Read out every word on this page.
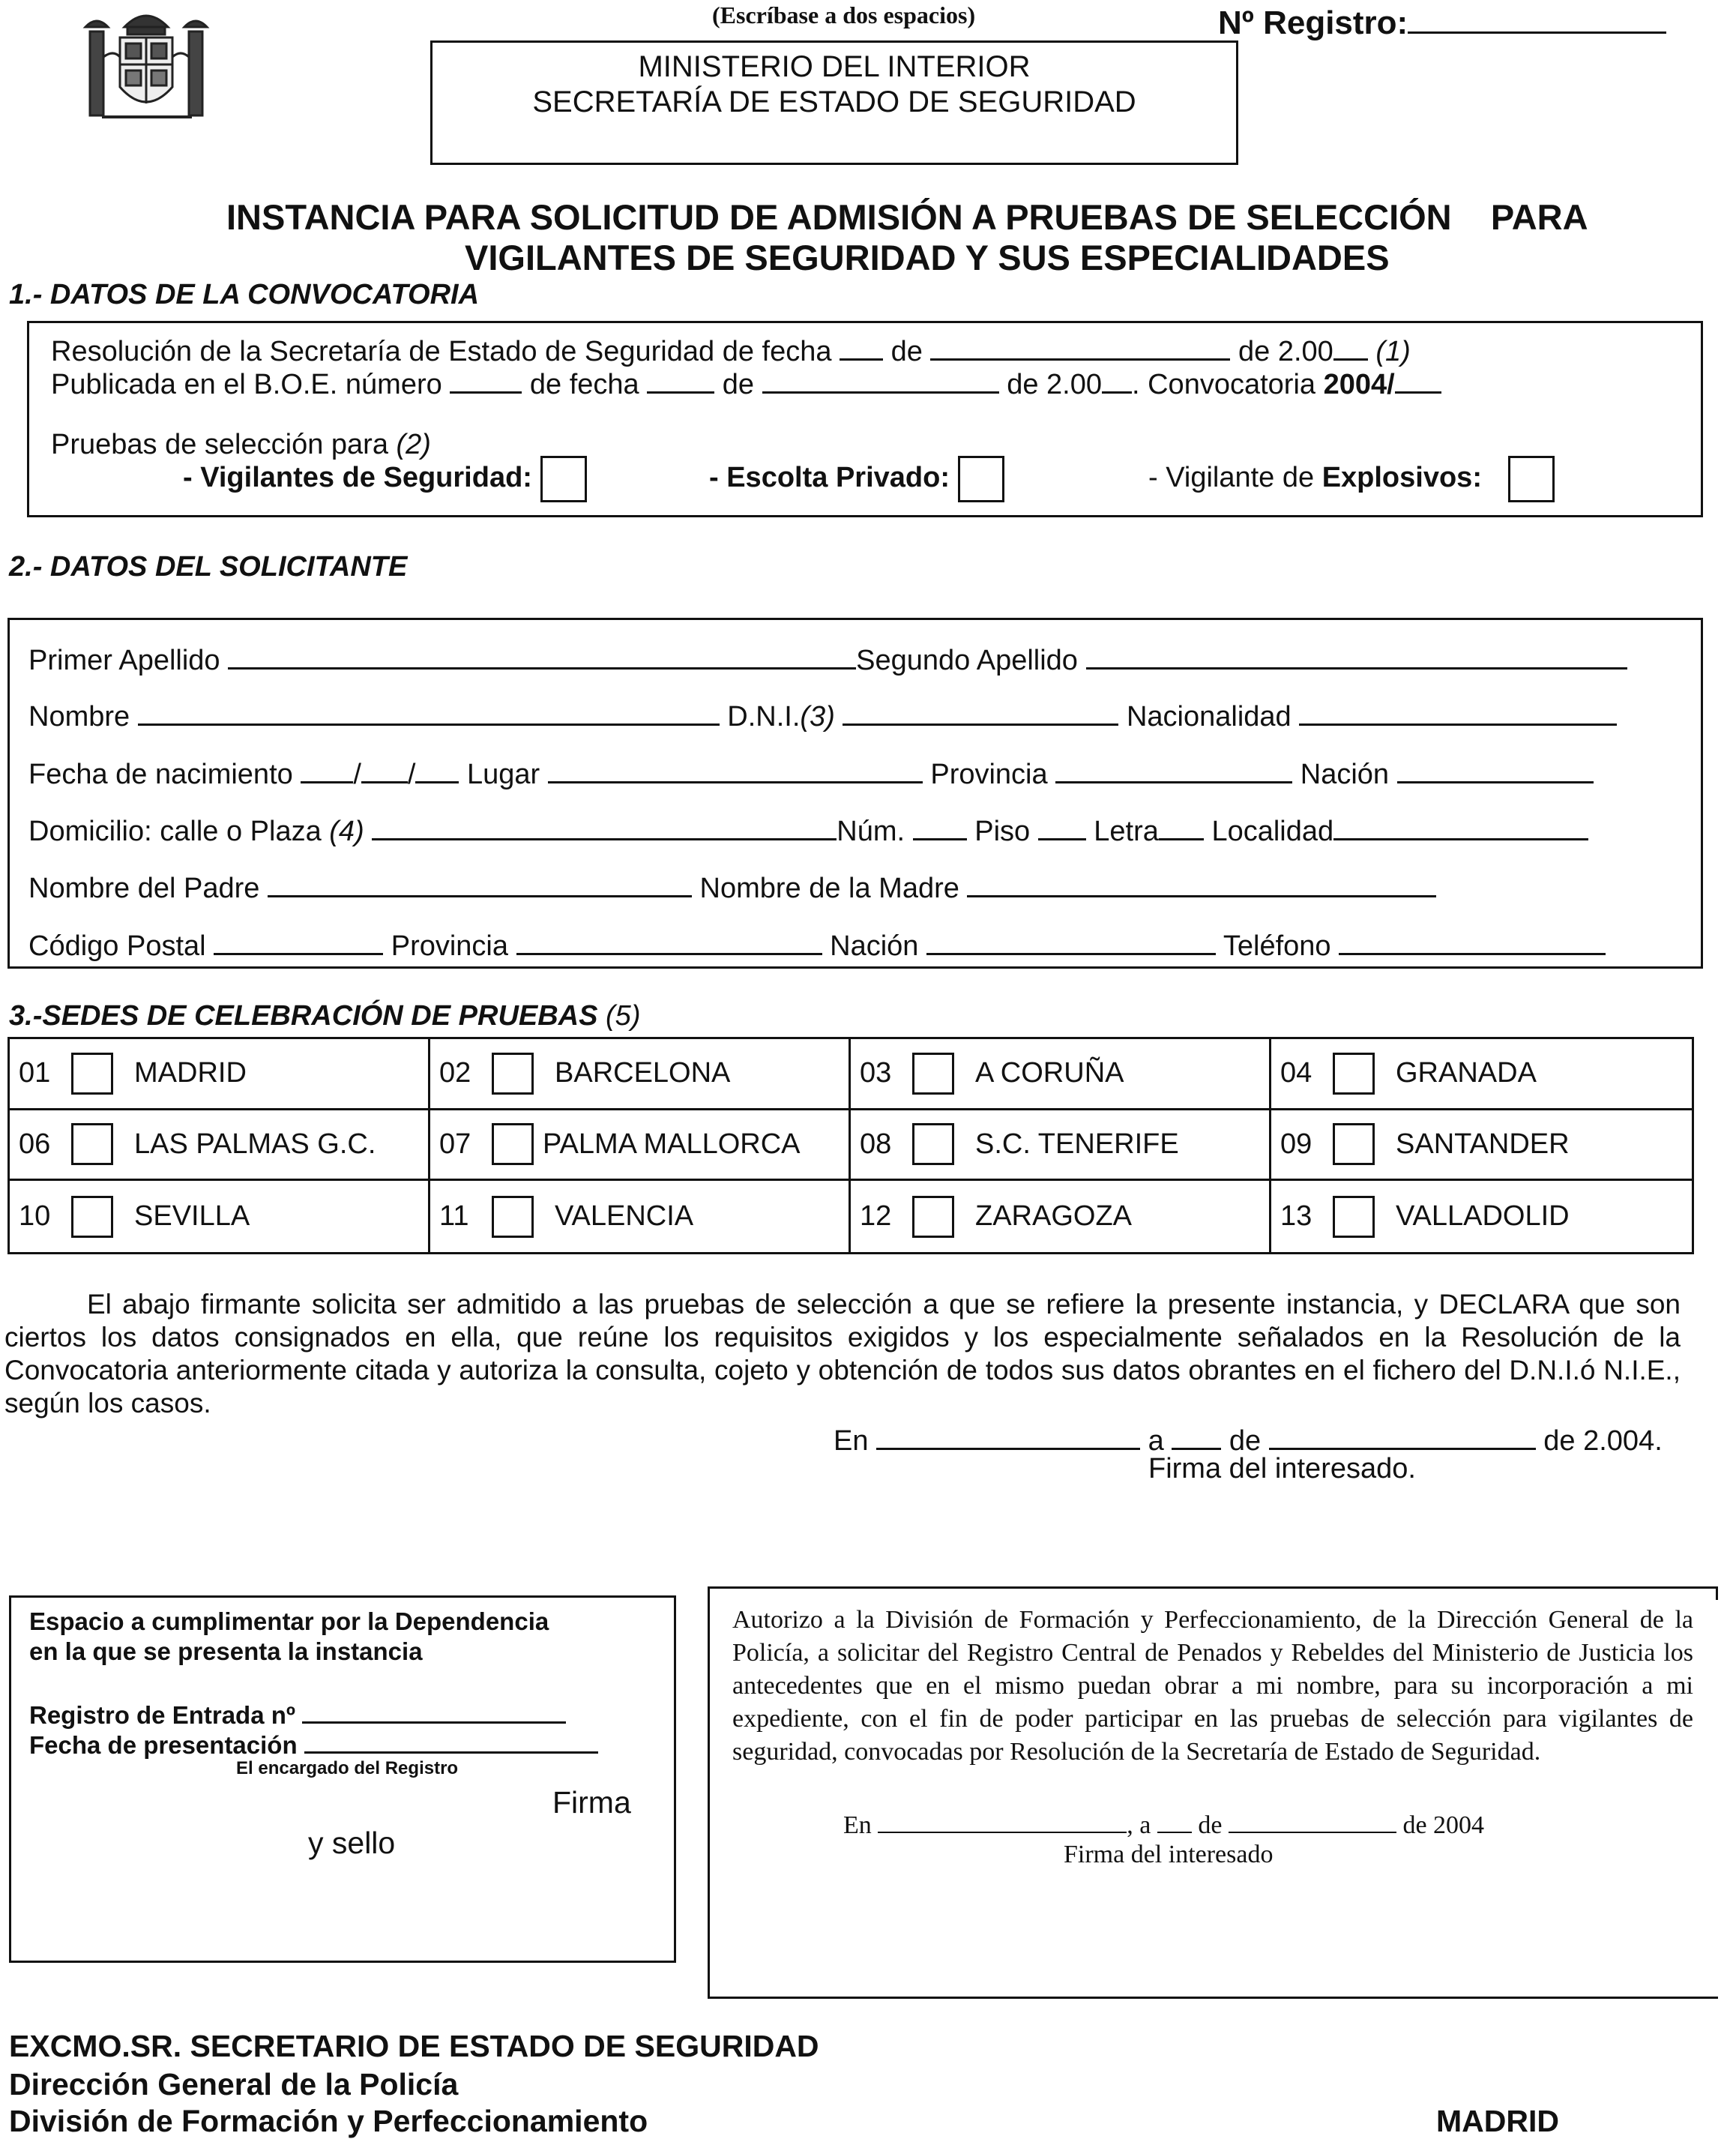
(Escríbase a dos espacios)	Nº Registro:
MINISTERIO DEL INTERIOR
SECRETARÍA DE ESTADO DE SEGURIDAD
INSTANCIA PARA SOLICITUD DE ADMISIÓN A PRUEBAS DE SELECCIÓN    PARA
VIGILANTES DE SEGURIDAD Y SUS ESPECIALIDADES
1.- DATOS DE LA CONVOCATORIA
Resolución de la Secretaría de Estado de Seguridad de fecha de	de 2.00 (1)
Publicada en el B.O.E. número	de fecha	de	de 2.00 . Convocatoria 2004/
Pruebas de selección para (2)
- Vigilantes de Seguridad:	- Escolta Privado:	- Vigilante de Explosivos:
2.- DATOS DEL SOLICITANTE
Primer Apellido	Segundo Apellido
Nombre	D.N.I.(3)	Nacionalidad
Fecha de nacimiento / / Lugar	Provincia	Nación
Domicilio: calle o Plaza (4)	Núm. Piso Letra Localidad
Nombre del Padre	Nombre de la Madre
Código Postal	Provincia	Nación	Teléfono
3.-SEDES DE CELEBRACIÓN DE PRUEBAS (5)
01	MADRID	02	BARCELONA	03	A CORUÑA	04	GRANADA
06	LAS PALMAS G.C.	07	PALMA MALLORCA	08	S.C. TENERIFE	09	SANTANDER
10	SEVILLA	11	VALENCIA	12	ZARAGOZA	13	VALLADOLID

El abajo firmante solicita ser admitido a las pruebas de selección a que se refiere la presente instancia, y DECLARA que son ciertos los datos consignados en ella, que reúne los requisitos exigidos y los especialmente señalados en la Resolución de la Convocatoria anteriormente citada y autoriza la consulta, cojeto y obtención de todos sus datos obrantes en el fichero del D.N.I.ó N.I.E., según los casos.

En	a de	de 2.004.
Firma del interesado.
Espacio a cumplimentar por la Dependencia
en la que se presenta la instancia
Registro de Entrada nº
Fecha de presentación
El encargado del Registro
Firma
y sello
Autorizo a la División de Formación y Perfeccionamiento, de la Dirección General de la Policía, a solicitar del Registro Central de Penados y Rebeldes del Ministerio de Justicia los antecedentes que en el mismo puedan obrar a mi nombre, para su incorporación a mi expediente, con el fin de poder participar en las pruebas de selección para vigilantes de seguridad, convocadas por Resolución de la Secretaría de Estado de Seguridad.
En	, a de	de 2004
Firma del interesado
EXCMO.SR. SECRETARIO DE ESTADO DE SEGURIDAD
Dirección General de la Policía
División de Formación y Perfeccionamiento	MADRID
